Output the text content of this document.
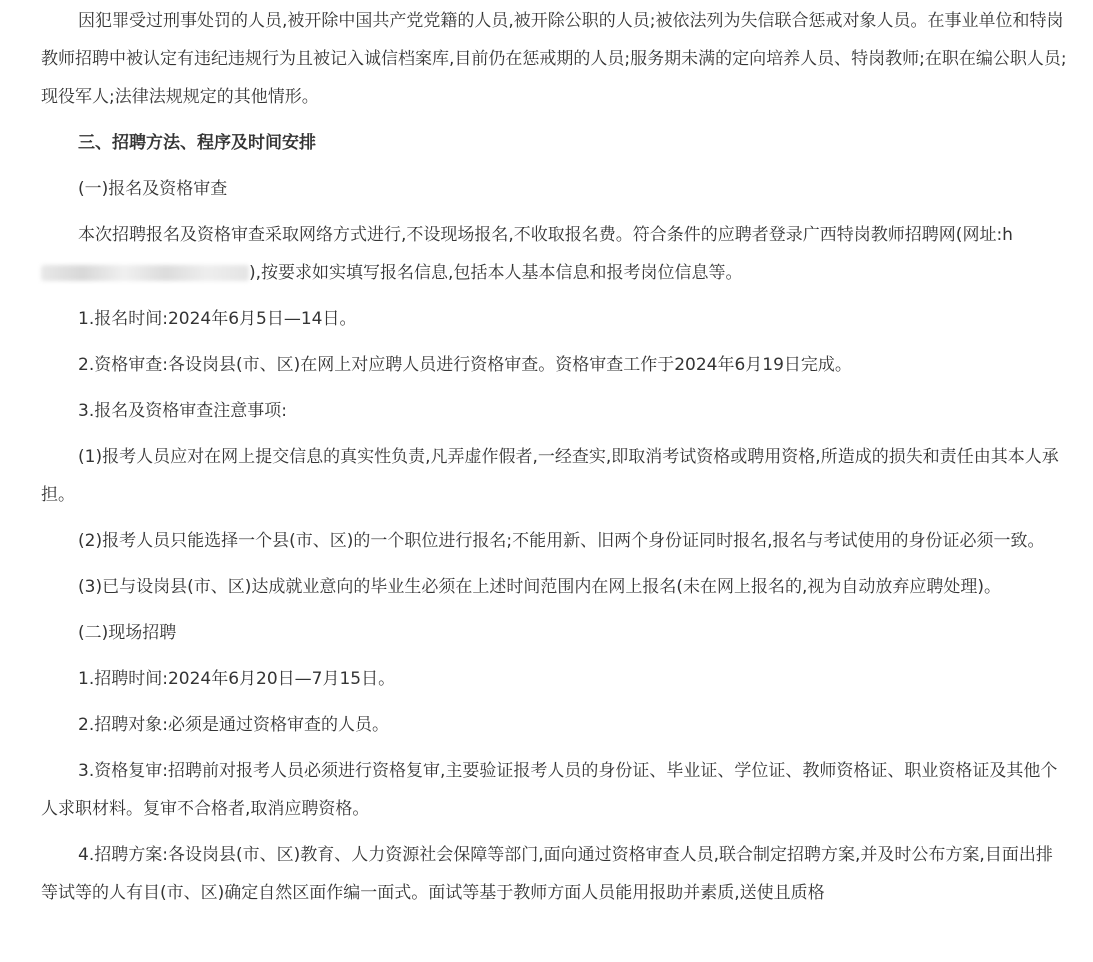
因犯罪受过刑事处罚的人员,被开除中国共产党党籍的人员,被开除公职的人员;被依法列为失信联合惩戒对象人员。在事业单位和特岗教师招聘中被认定有违纪违规行为且被记入诚信档案库,目前仍在惩戒期的人员;服务期未满的定向培养人员、特岗教师;在职在编公职人员;现役军人;法律法规规定的其他情形。

三、招聘方法、程序及时间安排

(一)报名及资格审查

本次招聘报名及资格审查采取网络方式进行,不设现场报名,不收取报名费。符合条件的应聘者登录广西特岗教师招聘网(网址:h),按要求如实填写报名信息,包括本人基本信息和报考岗位信息等。

1.报名时间:2024年6月5日—14日。

2.资格审查:各设岗县(市、区)在网上对应聘人员进行资格审查。资格审查工作于2024年6月19日完成。

3.报名及资格审查注意事项:

(1)报考人员应对在网上提交信息的真实性负责,凡弄虚作假者,一经查实,即取消考试资格或聘用资格,所造成的损失和责任由其本人承担。

(2)报考人员只能选择一个县(市、区)的一个职位进行报名;不能用新、旧两个身份证同时报名,报名与考试使用的身份证必须一致。

(3)已与设岗县(市、区)达成就业意向的毕业生必须在上述时间范围内在网上报名(未在网上报名的,视为自动放弃应聘处理)。

(二)现场招聘

1.招聘时间:2024年6月20日—7月15日。

2.招聘对象:必须是通过资格审查的人员。

3.资格复审:招聘前对报考人员必须进行资格复审,主要验证报考人员的身份证、毕业证、学位证、教师资格证、职业资格证及其他个人求职材料。复审不合格者,取消应聘资格。

4.招聘方案:各设岗县(市、区)教育、人力资源社会保障等部门,面向通过资格审查人员,联合制定招聘方案,并及时公布方案,目面出排等试等的人有目(市、区)确定自然区面作编一面式。面试等基于教师方面人员能用报助并素质,送使且质格
